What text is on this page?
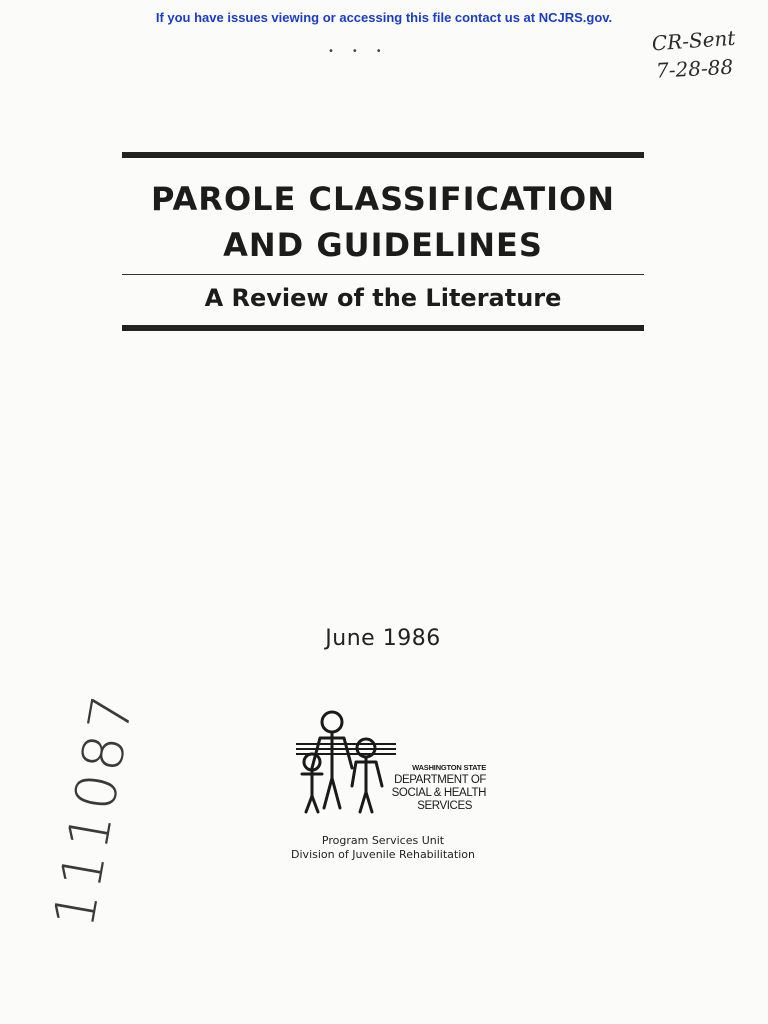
If you have issues viewing or accessing this file contact us at NCJRS.gov.
•••	CR-Sent
7-28-88
PAROLE CLASSIFICATION
AND GUIDELINES
A Review of the Literature
June 1986
WASHINGTON STATE
DEPARTMENT OF
SOCIAL & HEALTH
SERVICES
Program Services Unit
Division of Juvenile Rehabilitation
111087
